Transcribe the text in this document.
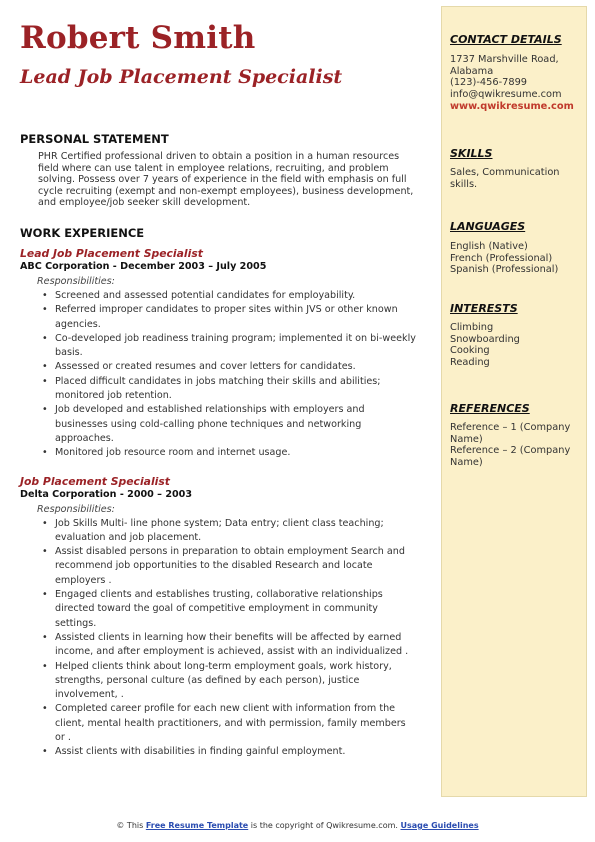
Robert Smith
Lead Job Placement Specialist
PERSONAL STATEMENT
PHR Certified professional driven to obtain a position in a human resources field where can use talent in employee relations, recruiting, and problem solving. Possess over 7 years of experience in the field with emphasis on full cycle recruiting (exempt and non-exempt employees), business development, and employee/job seeker skill development.
WORK EXPERIENCE
Lead Job Placement Specialist
ABC Corporation - December 2003 – July 2005
Responsibilities:
• Screened and assessed potential candidates for employability.
• Referred improper candidates to proper sites within JVS or other known agencies.
• Co-developed job readiness training program; implemented it on bi-weekly basis.
• Assessed or created resumes and cover letters for candidates.
• Placed difficult candidates in jobs matching their skills and abilities; monitored job retention.
• Job developed and established relationships with employers and businesses using cold-calling phone techniques and networking approaches.
• Monitored job resource room and internet usage.
Job Placement Specialist
Delta Corporation - 2000 – 2003
Responsibilities:
• Job Skills Multi- line phone system; Data entry; client class teaching; evaluation and job placement.
• Assist disabled persons in preparation to obtain employment Search and recommend job opportunities to the disabled Research and locate employers .
• Engaged clients and establishes trusting, collaborative relationships directed toward the goal of competitive employment in community settings.
• Assisted clients in learning how their benefits will be affected by earned income, and after employment is achieved, assist with an individualized .
• Helped clients think about long-term employment goals, work history, strengths, personal culture (as defined by each person), justice involvement, .
• Completed career profile for each new client with information from the client, mental health practitioners, and with permission, family members or .
• Assist clients with disabilities in finding gainful employment.
CONTACT DETAILS
1737 Marshville Road,
Alabama
(123)-456-7899
info@qwikresume.com
www.qwikresume.com
SKILLS
Sales, Communication
skills.
LANGUAGES
English (Native)
French (Professional)
Spanish (Professional)
INTERESTS
Climbing
Snowboarding
Cooking
Reading
REFERENCES
Reference – 1 (Company
Name)
Reference – 2 (Company
Name)
© This Free Resume Template is the copyright of Qwikresume.com. Usage Guidelines
